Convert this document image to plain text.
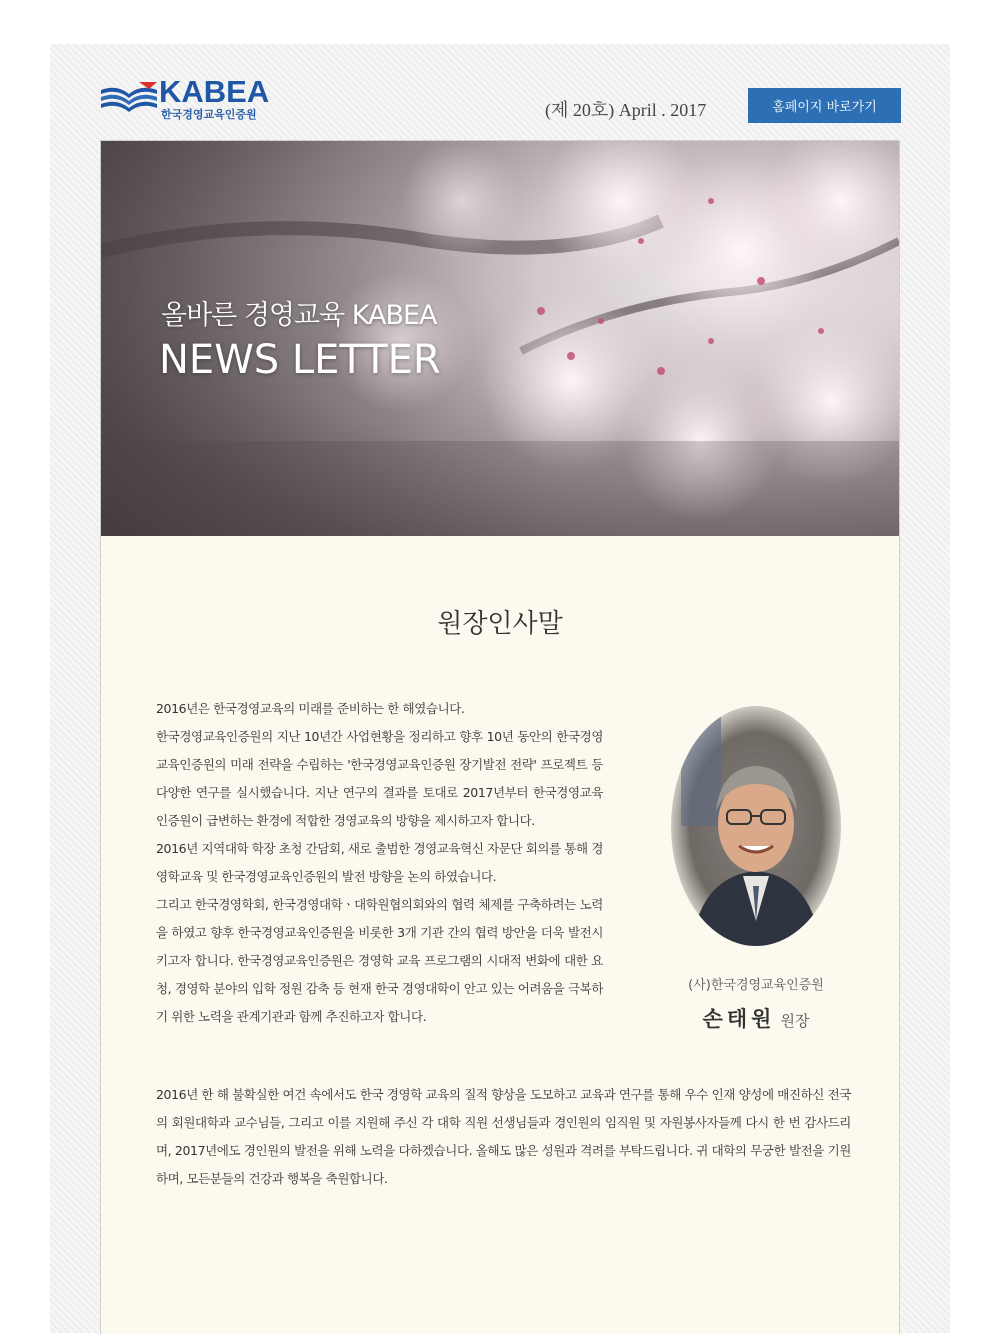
KABEA
한국경영교육인증원	(제 20호) April . 2017	홈페이지 바로가기
올바른 경영교육 KABEA
NEWS LETTER
원장인사말

2016년은 한국경영교육의 미래를 준비하는 한 해였습니다.

한국경영교육인증원의 지난 10년간 사업현황을 정리하고 향후 10년 동안의 한국경영교육인증원의 미래 전략을 수립하는 '한국경영교육인증원 장기발전 전략' 프로젝트 등 다양한 연구를 실시했습니다. 지난 연구의 결과를 토대로 2017년부터 한국경영교육인증원이 급변하는 환경에 적합한 경영교육의 방향을 제시하고자 합니다.

2016년 지역대학 학장 초청 간담회, 새로 출범한 경영교육혁신 자문단 회의를 통해 경영학교육 및 한국경영교육인증원의 발전 방향을 논의 하였습니다.

그리고 한국경영학회, 한국경영대학ㆍ대학원협의회와의 협력 체제를 구축하려는 노력을 하였고 향후 한국경영교육인증원을 비롯한 3개 기관 간의 협력 방안을 더욱 발전시키고자 합니다. 한국경영교육인증원은 경영학 교육 프로그램의 시대적 변화에 대한 요청, 경영학 분야의 입학 정원 감축 등 현재 한국 경영대학이 안고 있는 어려움을 극복하기 위한 노력을 관계기관과 함께 추진하고자 합니다.

(사)한국경영교육인증원
손태원 원장

2016년 한 해 불확실한 여건 속에서도 한국 경영학 교육의 질적 향상을 도모하고 교육과 연구를 통해 우수 인재 양성에 매진하신 전국의 회원대학과 교수님들, 그리고 이를 지원해 주신 각 대학 직원 선생님들과 경인원의 임직원 및 자원봉사자들께 다시 한 번 감사드리며, 2017년에도 경인원의 발전을 위해 노력을 다하겠습니다. 올해도 많은 성원과 격려를 부탁드립니다. 귀 대학의 무궁한 발전을 기원하며, 모든분들의 건강과 행복을 축원합니다.
